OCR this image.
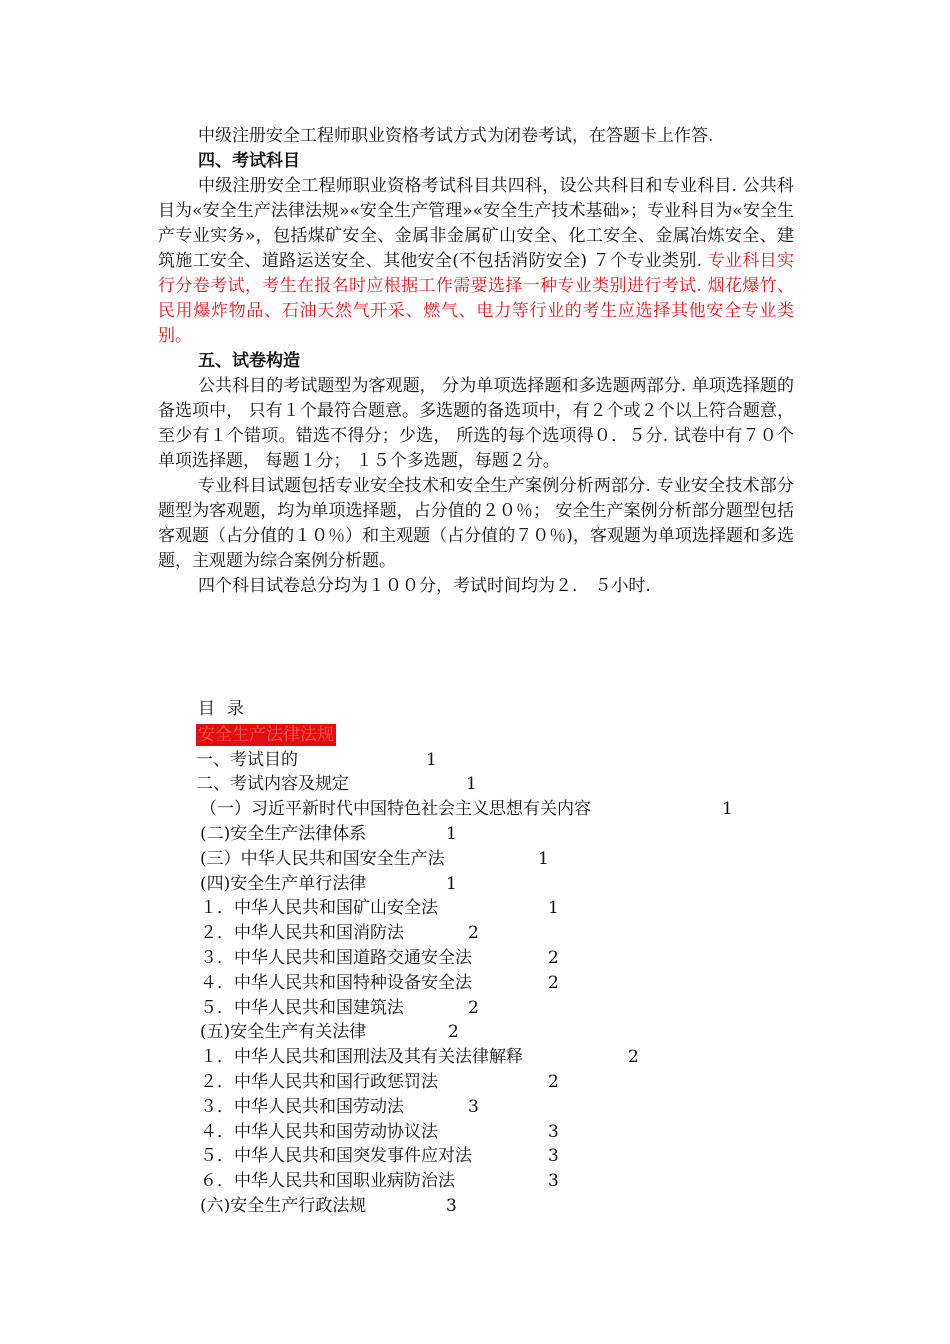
中级注册安全工程师职业资格考试方式为闭卷考试，在答题卡上作答.

四、考试科目

中级注册安全工程师职业资格考试科目共四科，设公共科目和专业科目. 公共科目为«安全生产法律法规»«安全生产管理»«安全生产技术基础»；专业科目为«安全生产专业实务»，包括煤矿安全、金属非金属矿山安全、化工安全、金属冶炼安全、建筑施工安全、道路运送安全、其他安全(不包括消防安全) ７个专业类别. 专业科目实行分卷考试，考生在报名时应根据工作需要选择一种专业类别进行考试. 烟花爆竹、民用爆炸物品、石油天然气开采、燃气、电力等行业的考生应选择其他安全专业类别。

五、试卷构造

公共科目的考试题型为客观题， 分为单项选择题和多选题两部分. 单项选择题的备选项中， 只有１个最符合题意。多选题的备选项中，有２个或２个以上符合题意， 至少有１个错项。错选不得分；少选， 所选的每个选项得０．５分. 试卷中有７０个单项选择题， 每题１分； １５个多选题，每题２分。

专业科目试题包括专业安全技术和安全生产案例分析两部分. 专业安全技术部分题型为客观题，均为单项选择题，占分值的２０％； 安全生产案例分析部分题型包括客观题（占分值的１０％）和主观题（占分值的７０％)，客观题为单项选择题和多选题，主观题为综合案例分析题。

四个科目试卷总分均为１００分，考试时间均为２． ５小时.

目录

安全生产法律法规
一、考试目的	1
二、考试内容及规定	1
（一）习近平新时代中国特色社会主义思想有关内容	1
(二)安全生产法律体系	1
(三）中华人民共和国安全生产法	1
(四)安全生产单行法律	1
１．中华人民共和国矿山安全法	1
２．中华人民共和国消防法	2
３．中华人民共和国道路交通安全法	2
４．中华人民共和国特种设备安全法	2
５．中华人民共和国建筑法	2
(五)安全生产有关法律	2
１．中华人民共和国刑法及其有关法律解释	2
２．中华人民共和国行政惩罚法	2
３．中华人民共和国劳动法	3
４．中华人民共和国劳动协议法	3
５．中华人民共和国突发事件应对法	3
６．中华人民共和国职业病防治法	3
(六)安全生产行政法规	3
